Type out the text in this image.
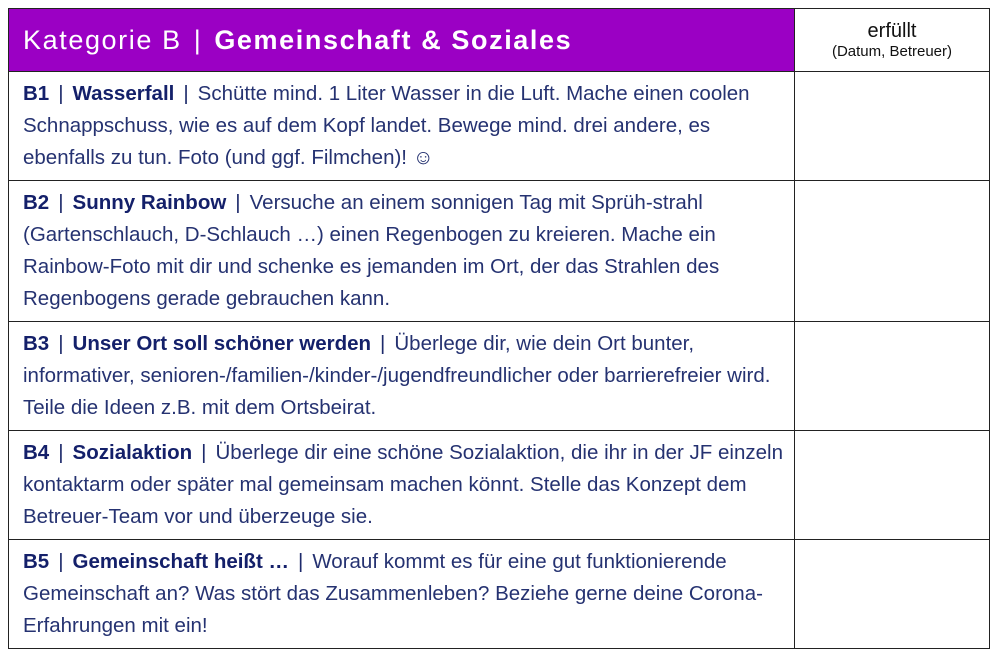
Kategorie B | Gemeinschaft & Soziales	erfüllt
(Datum, Betreuer)

B1 | Wasserfall | Schütte mind. 1 Liter Wasser in die Luft. Mache einen coolen Schnappschuss, wie es auf dem Kopf landet. Bewege mind. drei andere, es ebenfalls zu tun. Foto (und ggf. Filmchen)! ☺	
B2 | Sunny Rainbow | Versuche an einem sonnigen Tag mit Sprüh-strahl (Gartenschlauch, D-Schlauch …) einen Regenbogen zu kreieren. Mache ein Rainbow-Foto mit dir und schenke es jemanden im Ort, der das Strahlen des Regenbogens gerade gebrauchen kann.	
B3 | Unser Ort soll schöner werden | Überlege dir, wie dein Ort bunter, informativer, senioren-/familien-/kinder-/jugendfreundlicher oder barrierefreier wird. Teile die Ideen z.B. mit dem Ortsbeirat.	
B4 | Sozialaktion | Überlege dir eine schöne Sozialaktion, die ihr in der JF einzeln kontaktarm oder später mal gemeinsam machen könnt. Stelle das Konzept dem Betreuer-Team vor und überzeuge sie.	
B5 | Gemeinschaft heißt … | Worauf kommt es für eine gut funktionierende Gemeinschaft an? Was stört das Zusammenleben? Beziehe gerne deine Corona-Erfahrungen mit ein!	
